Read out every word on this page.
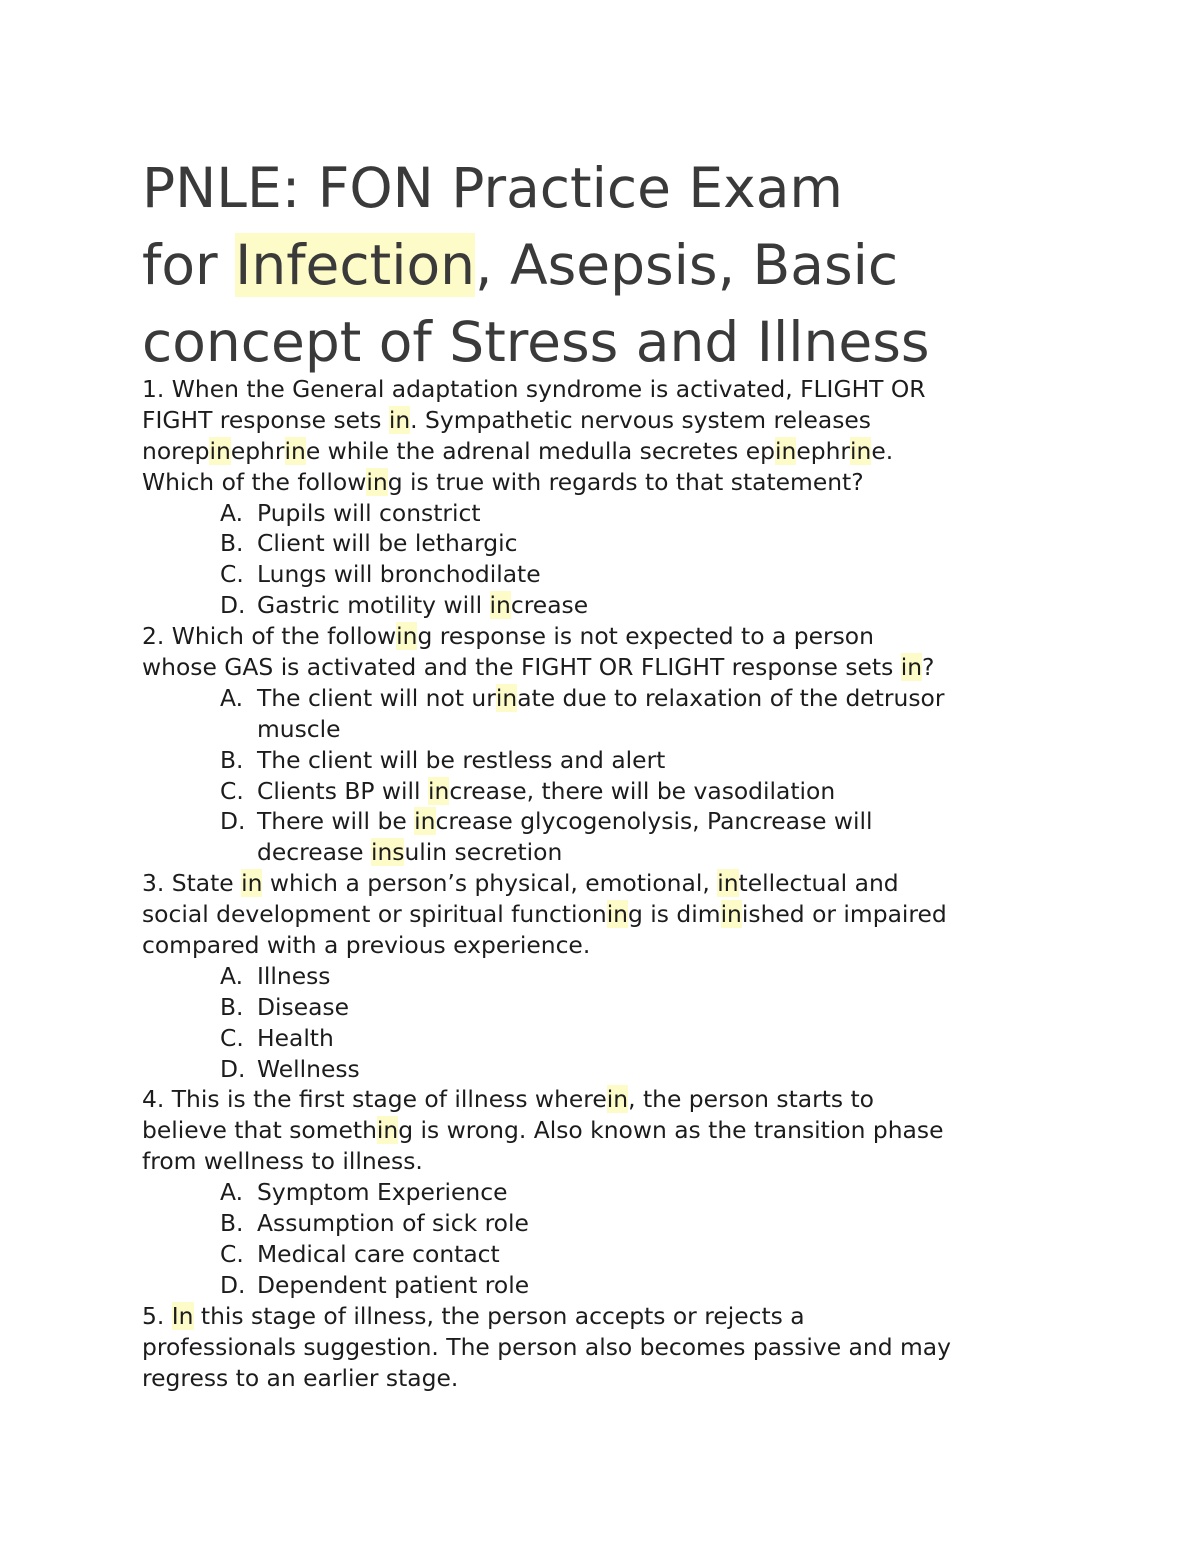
PNLE: FON Practice Exam
for Infection, Asepsis, Basic
concept of Stress and Illness
1. When the General adaptation syndrome is activated, FLIGHT OR
FIGHT response sets in. Sympathetic nervous system releases
norepinephrine while the adrenal medulla secretes epinephrine.
Which of the following is true with regards to that statement?
A. Pupils will constrict
B. Client will be lethargic
C. Lungs will bronchodilate
D. Gastric motility will increase
2. Which of the following response is not expected to a person
whose GAS is activated and the FIGHT OR FLIGHT response sets in?
A. The client will not urinate due to relaxation of the detrusor
muscle
B. The client will be restless and alert
C. Clients BP will increase, there will be vasodilation
D. There will be increase glycogenolysis, Pancrease will
decrease insulin secretion
3. State in which a person’s physical, emotional, intellectual and
social development or spiritual functioning is diminished or impaired
compared with a previous experience.
A. Illness
B. Disease
C. Health
D. Wellness
4. This is the first stage of illness wherein, the person starts to
believe that something is wrong. Also known as the transition phase
from wellness to illness.
A. Symptom Experience
B. Assumption of sick role
C. Medical care contact
D. Dependent patient role
5. In this stage of illness, the person accepts or rejects a
professionals suggestion. The person also becomes passive and may
regress to an earlier stage.
